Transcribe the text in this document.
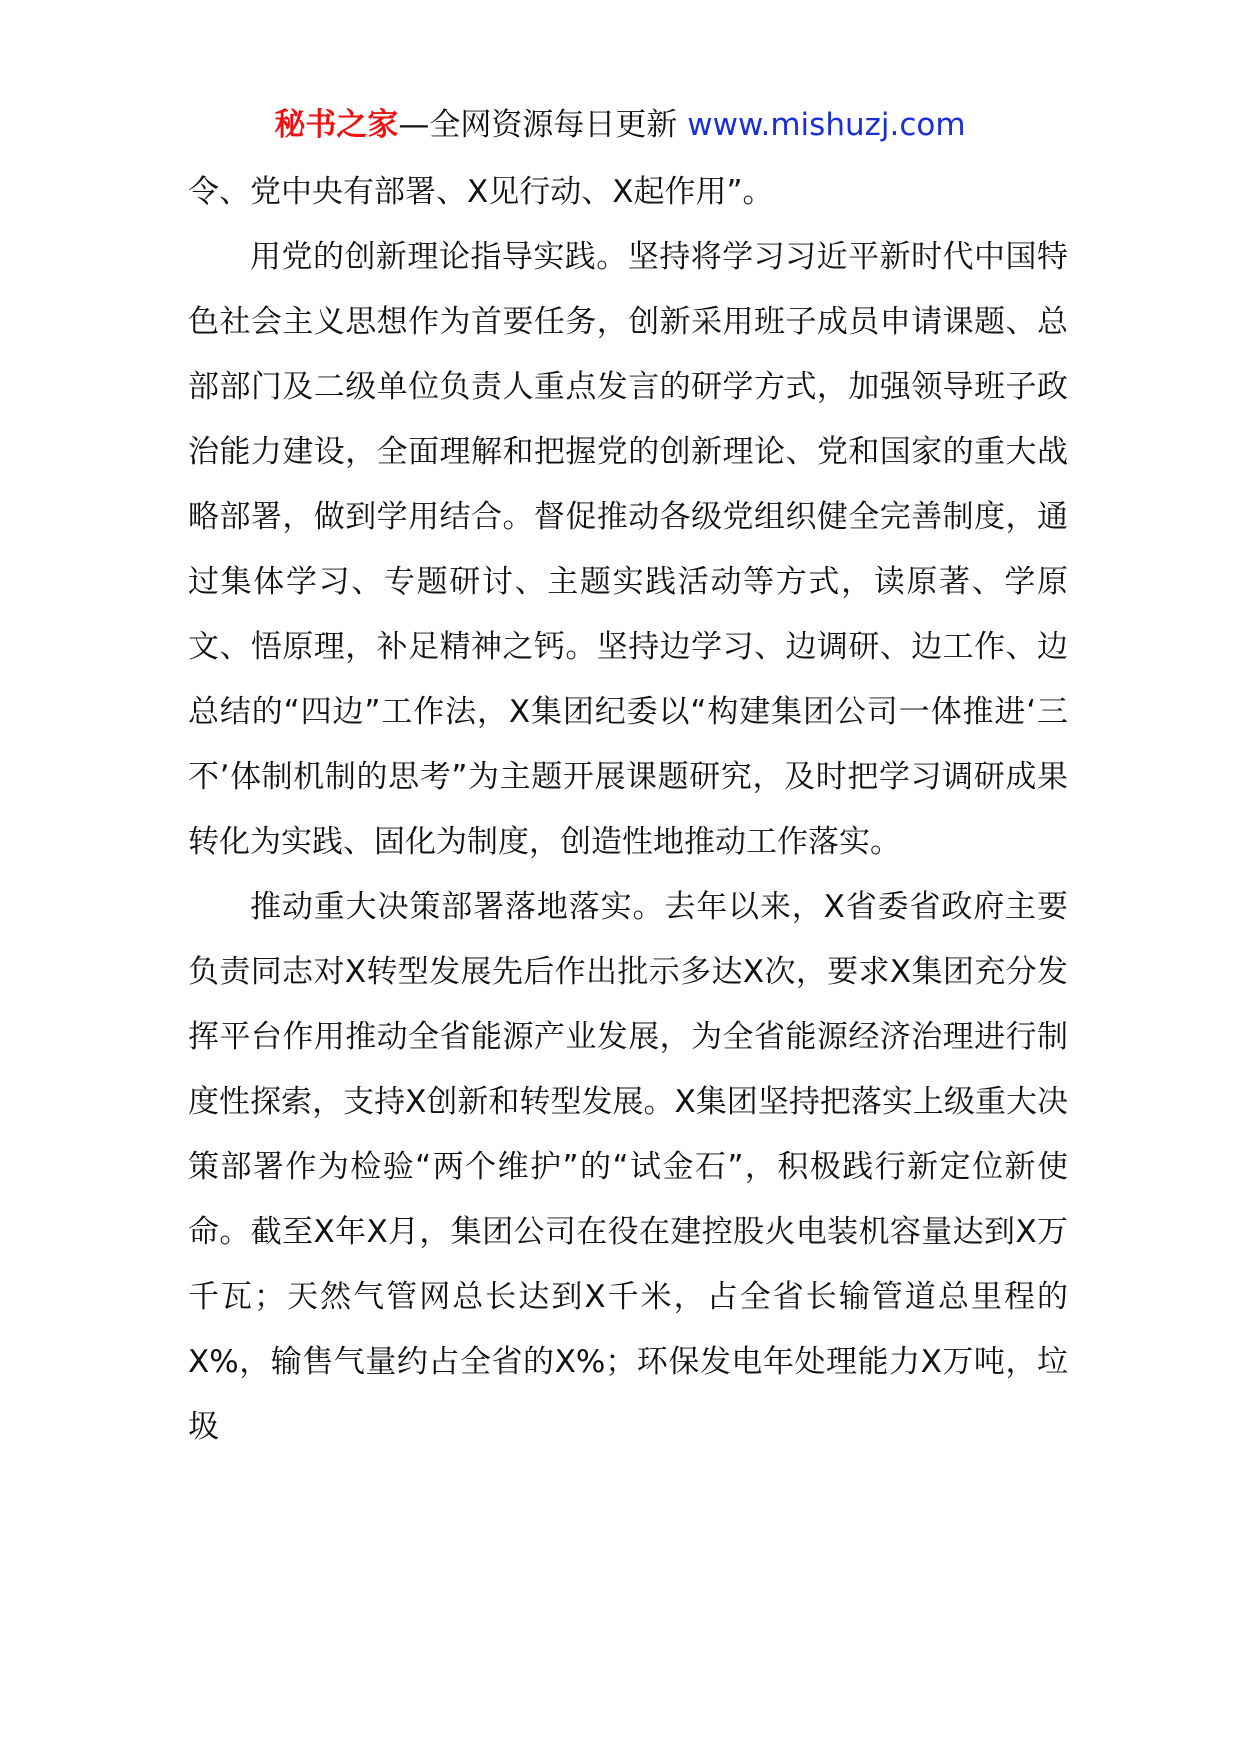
秘书之家—全网资源每日更新 www.mishuzj.com

令、党中央有部署、X见行动、X起作用”。

用党的创新理论指导实践。坚持将学习习近平新时代中国特色社会主义思想作为首要任务，创新采用班子成员申请课题、总部部门及二级单位负责人重点发言的研学方式，加强领导班子政治能力建设，全面理解和把握党的创新理论、党和国家的重大战略部署，做到学用结合。督促推动各级党组织健全完善制度，通过集体学习、专题研讨、主题实践活动等方式，读原著、学原文、悟原理，补足精神之钙。坚持边学习、边调研、边工作、边总结的“四边”工作法，X集团纪委以“构建集团公司一体推进‘三不’体制机制的思考”为主题开展课题研究，及时把学习调研成果转化为实践、固化为制度，创造性地推动工作落实。

推动重大决策部署落地落实。去年以来，X省委省政府主要负责同志对X转型发展先后作出批示多达X次，要求X集团充分发挥平台作用推动全省能源产业发展，为全省能源经济治理进行制度性探索，支持X创新和转型发展。X集团坚持把落实上级重大决策部署作为检验“两个维护”的“试金石”，积极践行新定位新使命。截至X年X月，集团公司在役在建控股火电装机容量达到X万千瓦；天然气管网总长达到X千米，占全省长输管道总里程的X%，输售气量约占全省的X%；环保发电年处理能力X万吨，垃圾
